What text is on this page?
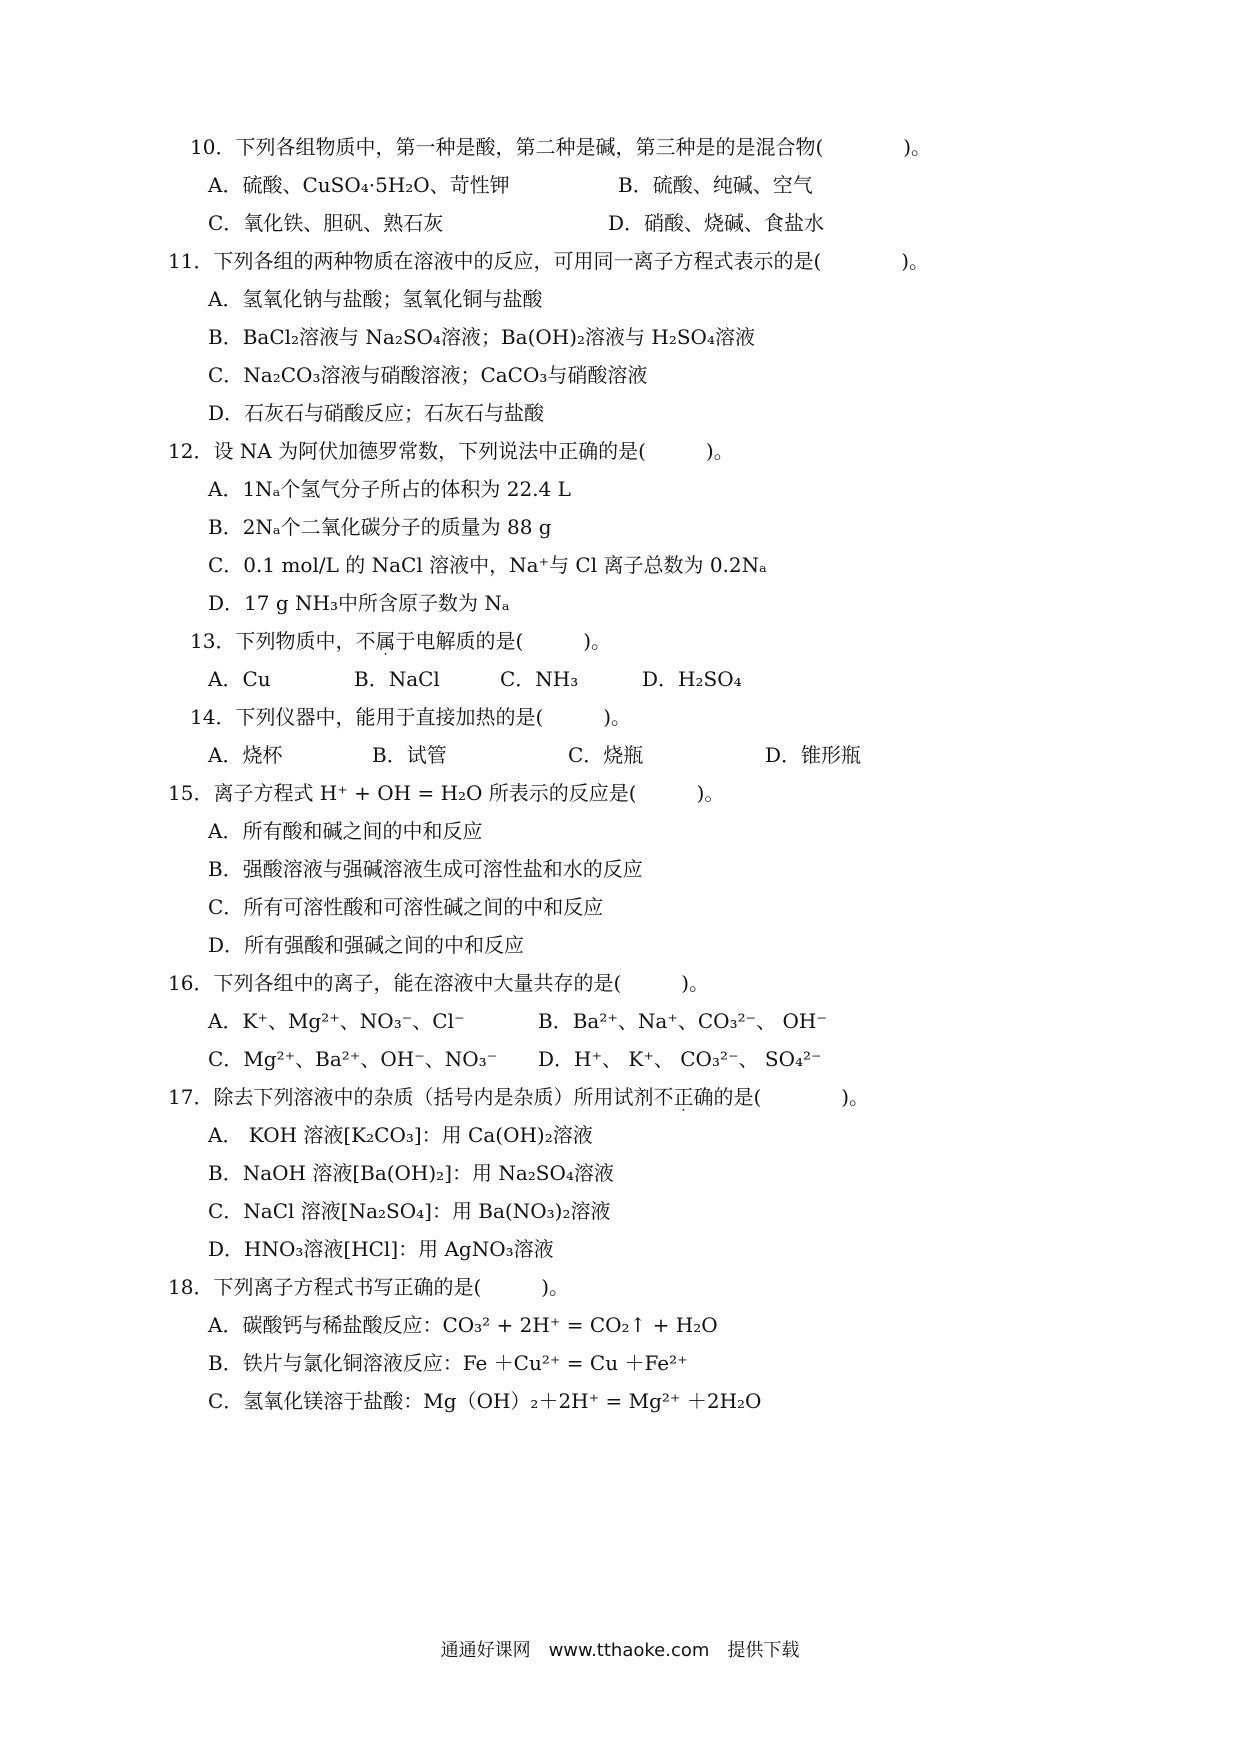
10．下列各组物质中，第一种是酸，第二种是碱，第三种是的是混合物(　　　　)。
A．硫酸、CuSO₄·5H₂O、苛性钾	B．硫酸、纯碱、空气
C．氧化铁、胆矾、熟石灰	D．硝酸、烧碱、食盐水
11．下列各组的两种物质在溶液中的反应，可用同一离子方程式表示的是(　　　　)。
A．氢氧化钠与盐酸；氢氧化铜与盐酸
B．BaCl₂溶液与 Na₂SO₄溶液；Ba(OH)₂溶液与 H₂SO₄溶液
C．Na₂CO₃溶液与硝酸溶液；CaCO₃与硝酸溶液
D．石灰石与硝酸反应；石灰石与盐酸
12．设 NA 为阿伏加德罗常数，下列说法中正确的是(　　　)。
A．1Nₐ个氢气分子所占的体积为 22.4 L
B．2Nₐ个二氧化碳分子的质量为 88 g
C．0.1 mol/L 的 NaCl 溶液中，Na⁺与 Cl 离子总数为 0.2Nₐ
D．17 g NH₃中所含原子数为 Nₐ
13．下列物质中，不属于电解质的是(　　　)。
A．Cu	B．NaCl	C．NH₃	D．H₂SO₄
14．下列仪器中，能用于直接加热的是(　　　)。
A．烧杯	B．试管	C．烧瓶	D．锥形瓶
15．离子方程式 H⁺ + OH = H₂O 所表示的反应是(　　　)。
A．所有酸和碱之间的中和反应
B．强酸溶液与强碱溶液生成可溶性盐和水的反应
C．所有可溶性酸和可溶性碱之间的中和反应
D．所有强酸和强碱之间的中和反应
16．下列各组中的离子，能在溶液中大量共存的是(　　　)。
A．K⁺、Mg²⁺、NO₃⁻、Cl⁻	B．Ba²⁺、Na⁺、CO₃²⁻、 OH⁻
C．Mg²⁺、Ba²⁺、OH⁻、NO₃⁻ D．H⁺、 K⁺、 CO₃²⁻、 SO₄²⁻
17．除去下列溶液中的杂质（括号内是杂质）所用试剂不正确的是(　　　　)。
A． KOH 溶液[K₂CO₃]：用 Ca(OH)₂溶液
B．NaOH 溶液[Ba(OH)₂]：用 Na₂SO₄溶液
C．NaCl 溶液[Na₂SO₄]：用 Ba(NO₃)₂溶液
D．HNO₃溶液[HCl]：用 AgNO₃溶液
18．下列离子方程式书写正确的是(　　　)。
A．碳酸钙与稀盐酸反应：CO₃² + 2H⁺ = CO₂↑ + H₂O
B．铁片与氯化铜溶液反应：Fe ＋Cu²⁺ = Cu ＋Fe²⁺
C．氢氧化镁溶于盐酸：Mg（OH）₂＋2H⁺ = Mg²⁺ ＋2H₂O
通通好课网　www.tthaoke.com　提供下载
